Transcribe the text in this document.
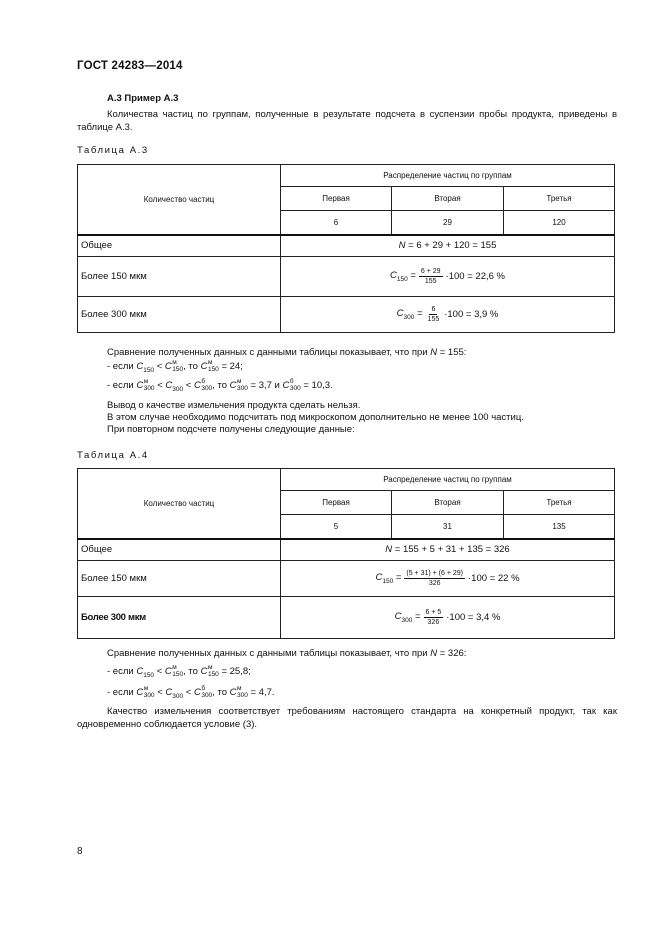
ГОСТ 24283—2014
А.3 Пример А.3
Количества частиц по группам, полученные в результате подсчета в суспензии пробы продукта, приведены в таблице А.3.
Таблица А.3
Количество частиц	Распределение частиц по группам		
	Первая	Вторая	Третья
	6	29	120
Общее	N = 6 + 29 + 120 = 155		
Более 150 мкм	$C_{150} = \frac{6 + 29}{155} \cdot 100 = 22,6$ %		

Более 300 мкм	$C_{300} = \frac{6}{155} \cdot 100 = 3,9$ %		
Сравнение полученных данных с данными таблицы показывает, что при N = 155:
- если $C_{150} < C$ м
150 , то C м
150 = 24;
- если C м
$300 < C_{300} < C$ б
300 , то C м
300 = 3,7 и C б
300 = 10,3.
Вывод о качестве измельчения продукта сделать нельзя.
В этом случае необходимо подсчитать под микроскопом дополнительно не менее 100 частиц.
При повторном подсчете получены следующие данные:
Таблица А.4
Количество частиц	Распределение частиц по группам		
	Первая	Вторая	Третья
	5	31	135
Общее	N = 155 + 5 + 31 + 135 = 326		
Более 150 мкм	$C_{150} = \frac{(5 + 31) + (6 + 29)}{326} \cdot 100 = 22$ %		

Более 300 мкм	$C_{300} = \frac{6 + 5}{326} \cdot 100 = 3,4$ %		
Сравнение полученных данных с данными таблицы показывает, что при N = 326:
- если $C_{150} < C$ м
150 , то C м
150 = 25,8;
- если C м
$300 < C_{300} < C$ б
300 , то C м
300 = 4,7.
Качество измельчения соответствует требованиям настоящего стандарта на конкретный продукт, так как одновременно соблюдается условие (3).
8
